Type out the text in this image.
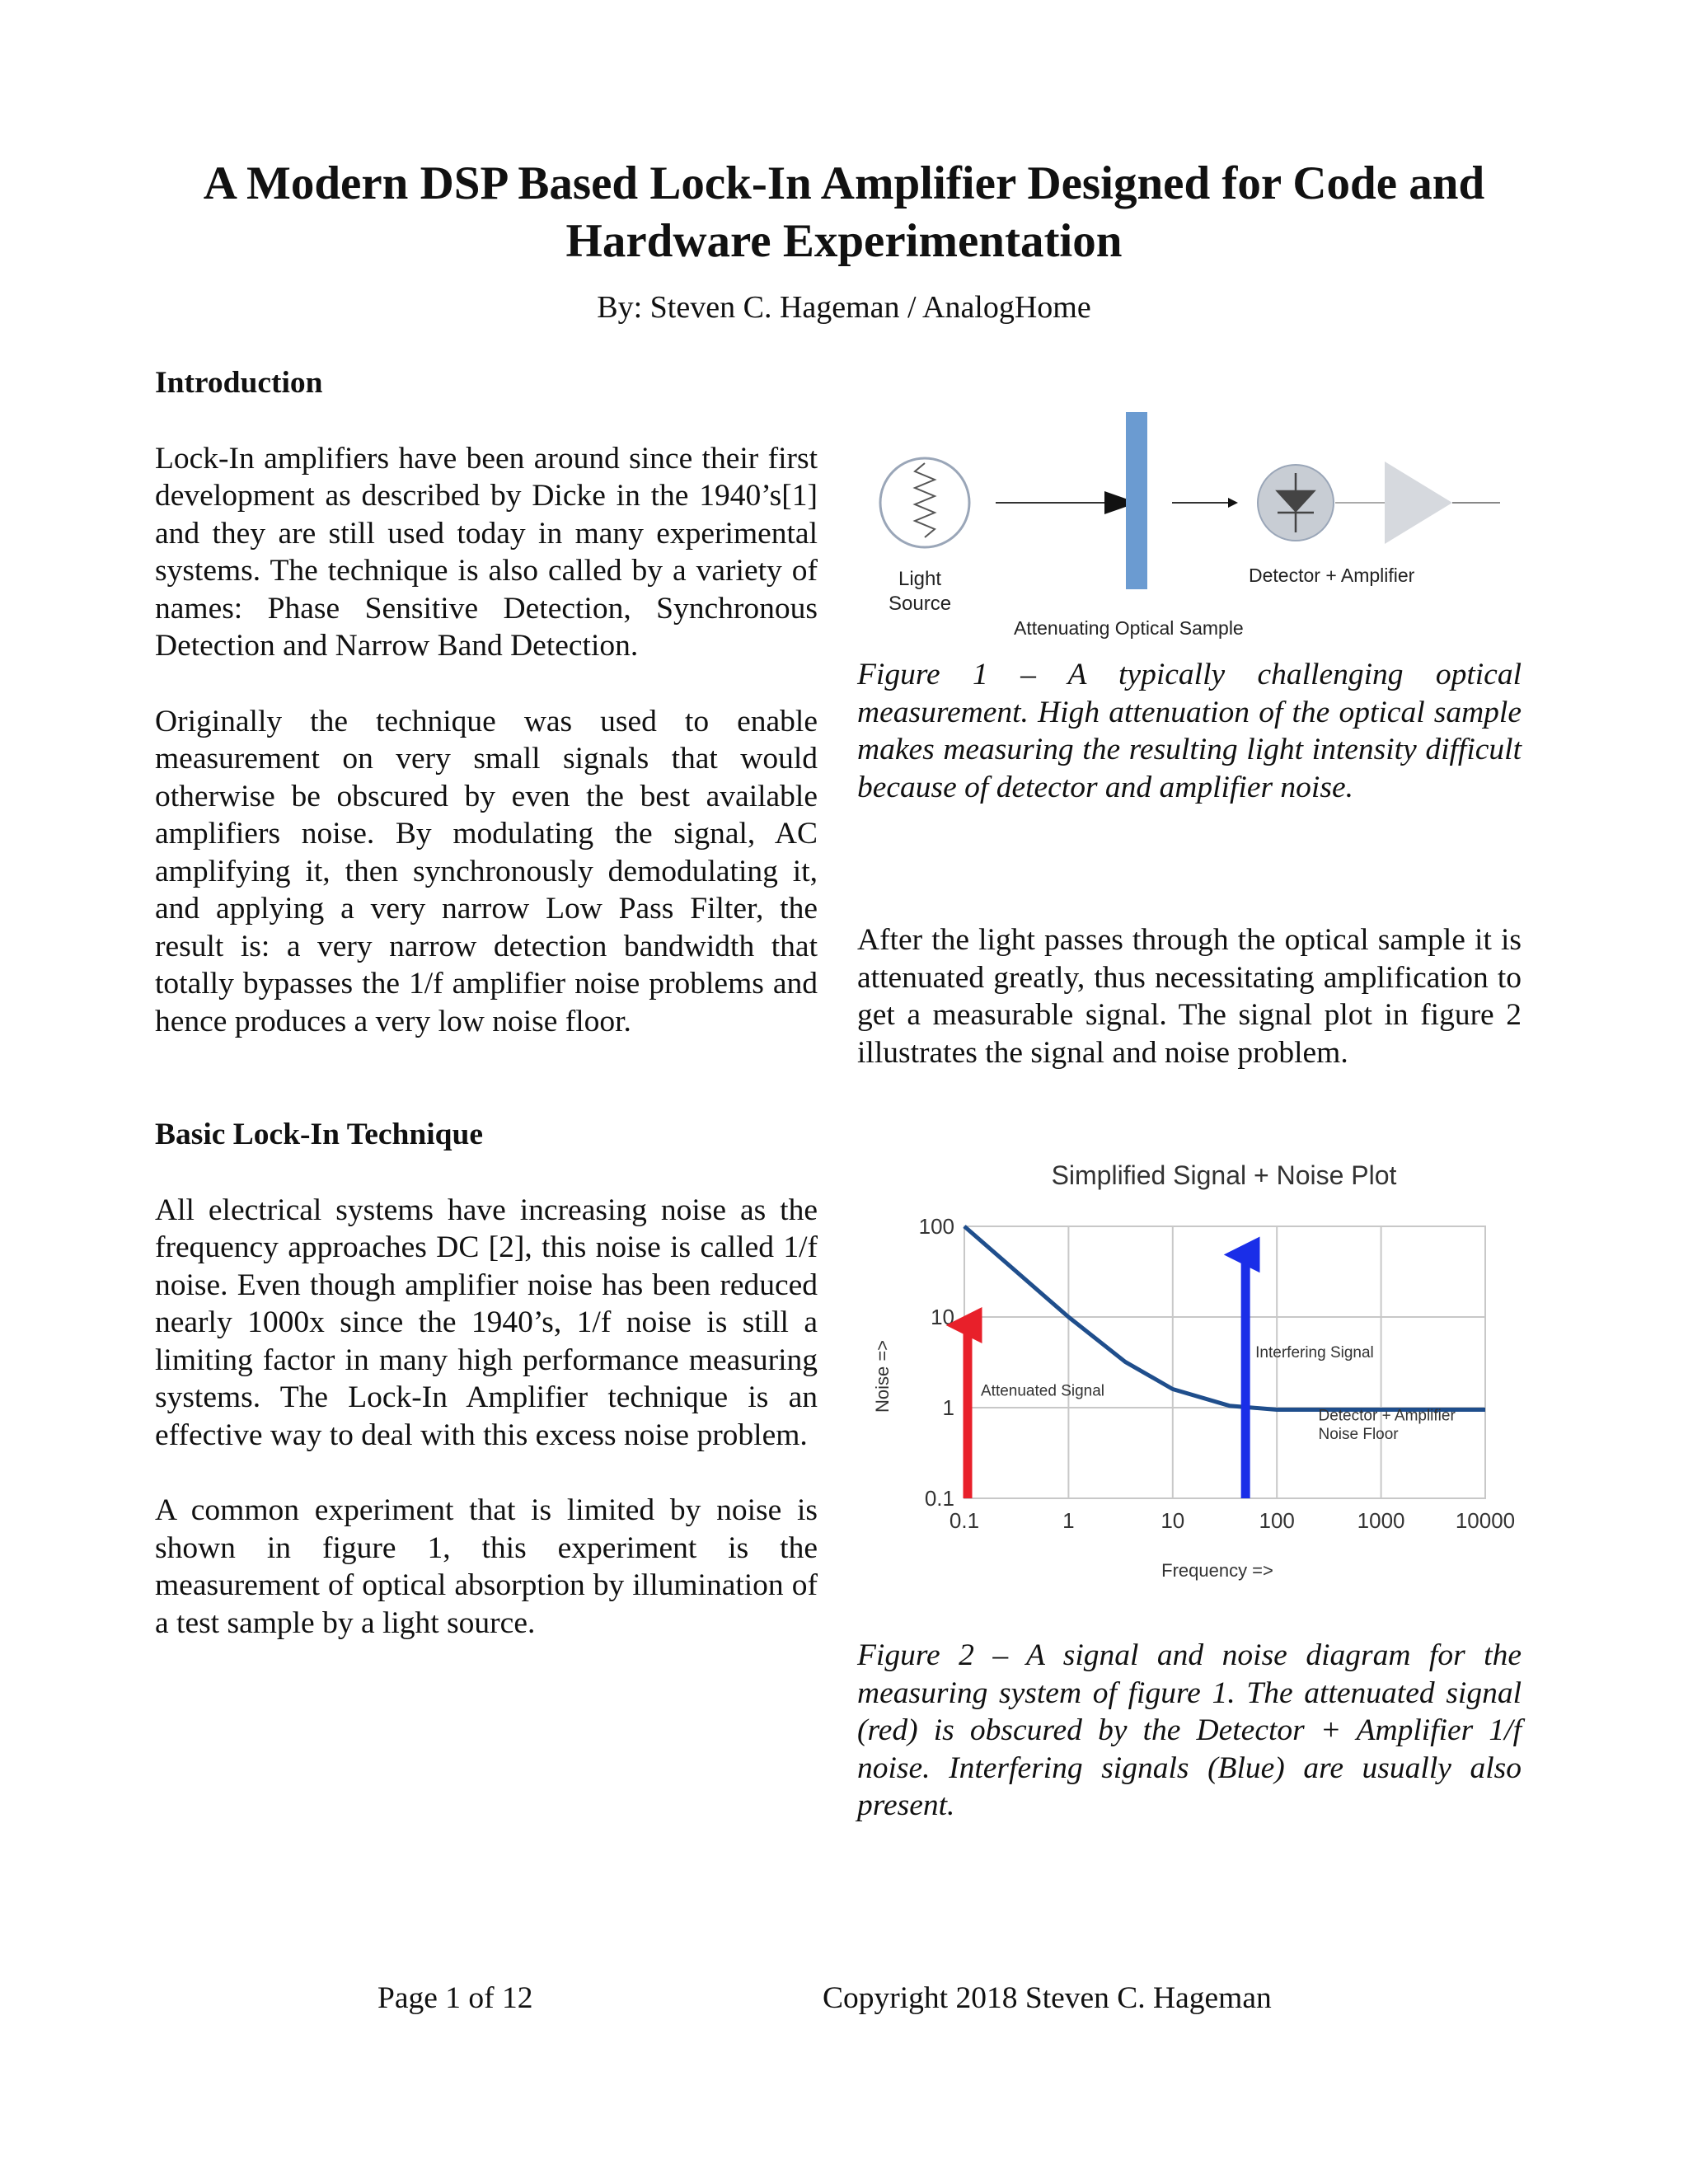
A Modern DSP Based Lock-In Amplifier Designed for Code and Hardware Experimentation
By: Steven C. Hageman / AnalogHome
Introduction

Lock-In amplifiers have been around since their first development as described by Dicke in the 1940’s[1] and they are still used today in many experimental systems. The technique is also called by a variety of names: Phase Sensitive Detection, Synchronous Detection and Narrow Band Detection.

Originally the technique was used to enable measurement on very small signals that would otherwise be obscured by even the best available amplifiers noise. By modulating the signal, AC amplifying it, then synchronously demodulating it, and applying a very narrow Low Pass Filter, the result is: a very narrow detection bandwidth that totally bypasses the 1/f amplifier noise problems and hence produces a very low noise floor.

Basic Lock-In Technique

All electrical systems have increasing noise as the frequency approaches DC [2], this noise is called 1/f noise. Even though amplifier noise has been reduced nearly 1000x since the 1940’s, 1/f noise is still a limiting factor in many high performance measuring systems. The Lock-In Amplifier technique is an effective way to deal with this excess noise problem.

A common experiment that is limited by noise is shown in figure 1, this experiment is the measurement of optical absorption by illumination of a test sample by a light source.

Light
Source
Detector + Amplifier
Attenuating Optical Sample
Figure 1 – A typically challenging optical measurement. High attenuation of the optical sample makes measuring the resulting light intensity difficult because of detector and amplifier noise.

After the light passes through the optical sample it is attenuated greatly, thus necessitating amplification to get a measurable signal. The signal plot in figure 2 illustrates the signal and noise problem.

Simplified Signal + Noise Plot
0.1	1	10	100	1000 10000
0.1
1
10
100
Noise =>
Frequency =>
Attenuated Signal
Interfering Signal
Detector + Amplifier
Noise Floor
Figure 2 – A signal and noise diagram for the measuring system of figure 1. The attenuated signal (red) is obscured by the Detector + Amplifier 1/f noise. Interfering signals (Blue) are usually also present.
Page 1 of 12	Copyright 2018 Steven C. Hageman
